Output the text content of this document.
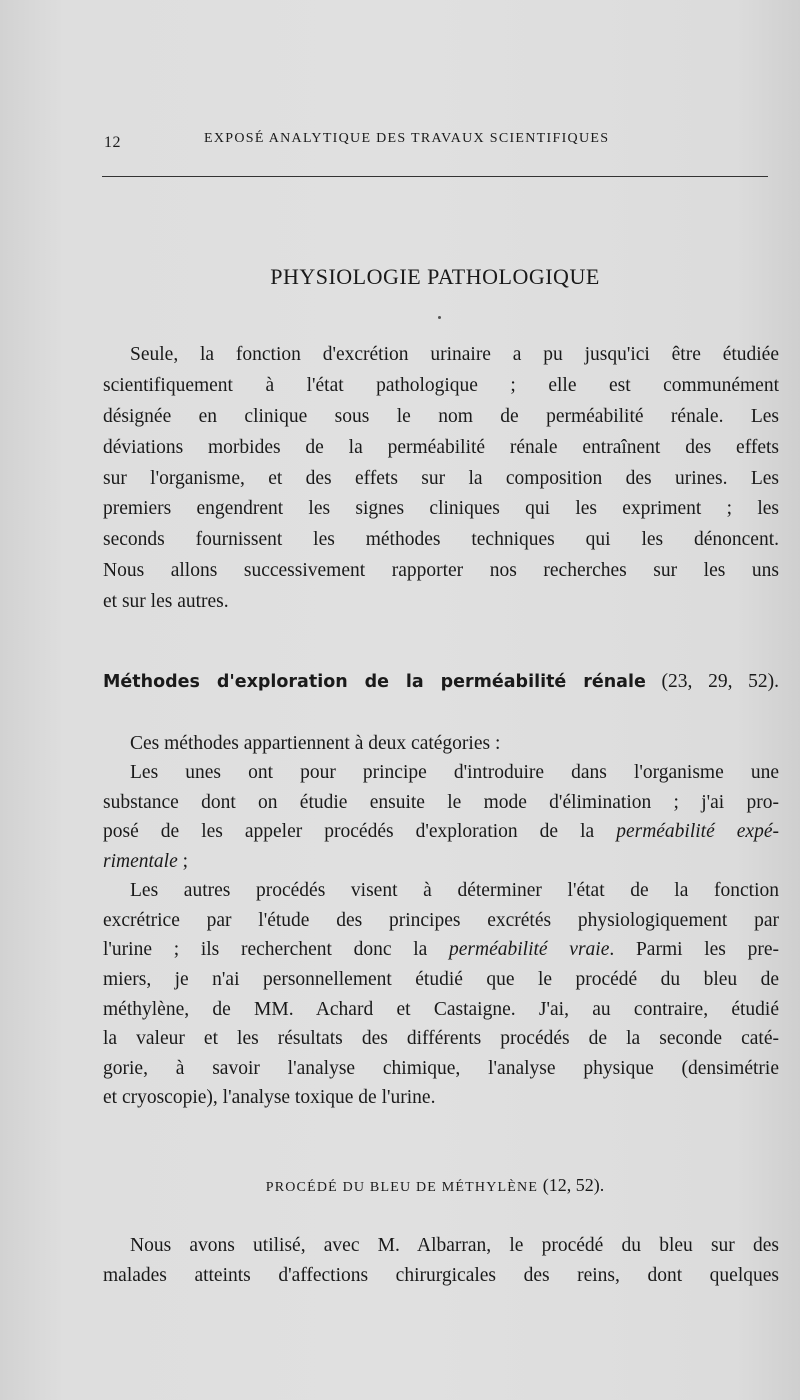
12	EXPOSÉ ANALYTIQUE DES TRAVAUX SCIENTIFIQUES
PHYSIOLOGIE PATHOLOGIQUE
Seule, la fonction d'excrétion urinaire a pu jusqu'ici être étudiée
scientifiquement à l'état pathologique ; elle est communément
désignée en clinique sous le nom de perméabilité rénale. Les
déviations morbides de la perméabilité rénale entraînent des effets
sur l'organisme, et des effets sur la composition des urines. Les
premiers engendrent les signes cliniques qui les expriment ; les
seconds fournissent les méthodes techniques qui les dénoncent.
Nous allons successivement rapporter nos recherches sur les uns
et sur les autres.
Méthodes d'exploration de la perméabilité rénale (23, 29, 52).
Ces méthodes appartiennent à deux catégories :
Les unes ont pour principe d'introduire dans l'organisme une
substance dont on étudie ensuite le mode d'élimination ; j'ai pro-
posé de les appeler procédés d'exploration de la perméabilité expé-
rimentale ;
Les autres procédés visent à déterminer l'état de la fonction
excrétrice par l'étude des principes excrétés physiologiquement par
l'urine ; ils recherchent donc la perméabilité vraie. Parmi les pre-
miers, je n'ai personnellement étudié que le procédé du bleu de
méthylène, de MM. Achard et Castaigne. J'ai, au contraire, étudié
la valeur et les résultats des différents procédés de la seconde caté-
gorie, à savoir l'analyse chimique, l'analyse physique (densimétrie
et cryoscopie), l'analyse toxique de l'urine.
PROCÉDÉ DU BLEU DE MÉTHYLÈNE (12, 52).
Nous avons utilisé, avec M. Albarran, le procédé du bleu sur des
malades atteints d'affections chirurgicales des reins, dont quelques
